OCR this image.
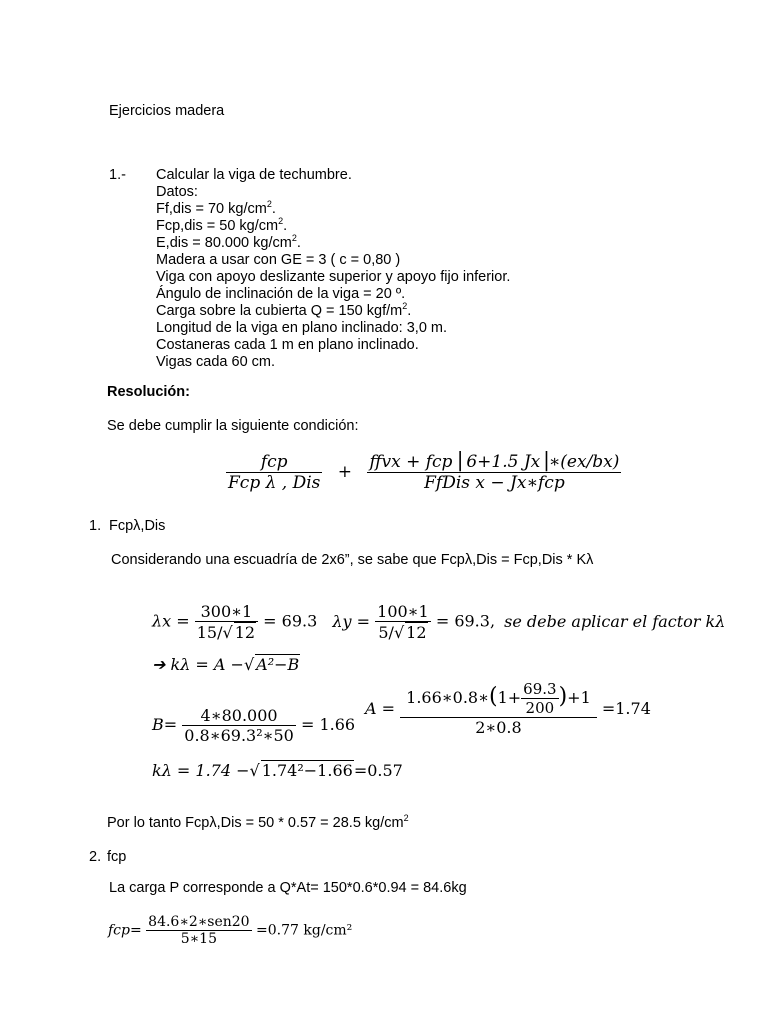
Ejercicios madera
1.- Calcular la viga de techumbre.
Datos:
Ff,dis = 70 $kg/cm^2$.
Fcp,dis = 50 $kg/cm^2$.
E,dis = 80.000 $kg/cm^2$.
Madera a usar con GE = 3 ( c = 0,80 )
Viga con apoyo deslizante superior y apoyo fijo inferior.
Ángulo de inclinación de la viga = 20 º.
Carga sobre la cubierta Q = 150 kgf/$m^2$.
Longitud de la viga en plano inclinado: 3,0 m.
Costaneras cada 1 m en plano inclinado.
Vigas cada 60 cm.
Resolución:
Se debe cumplir la siguiente condición:
$\frac{\text{fcp}}{\text{Fcp λ , Dis}} + \frac{\text{ffvx + fcp ⎜6+1.5 Jx⎟∗(ex/bx)}}{\text{FfDis x − Jx∗fcp}}$
1. Fcpλ,Dis
Considerando una escuadría de 2x6”, se sabe que Fcpλ,Dis = Fcp,Dis * Kλ
$\lambda x = \frac{300∗1}{15/√ 12} = 69.3$ $\lambda y = \frac{100∗1}{5/√ 12} = 69.3$, se debe aplicar el factor kλ
➔ kλ = A −√ A²−B
$B= \frac{4∗80.000}{\text{0.8∗69.3²∗50}} = 1.66$
$A = \frac{1.66∗0.8∗(1+ \frac{69.3}{200} )+1}{2∗0.8} =1.74$
kλ = 1.74 −√ 1.74²−1.66=0.57
Por lo tanto Fcpλ,Dis = 50 * 0.57 = 28.5 $kg/cm^2$
2. fcp
La carga P corresponde a Q*At= 150*0.6*0.94 = 84.6kg
$fcp= \frac{\text{84.6∗2∗sen20}}{5∗15} =0.77$ kg/cm²
